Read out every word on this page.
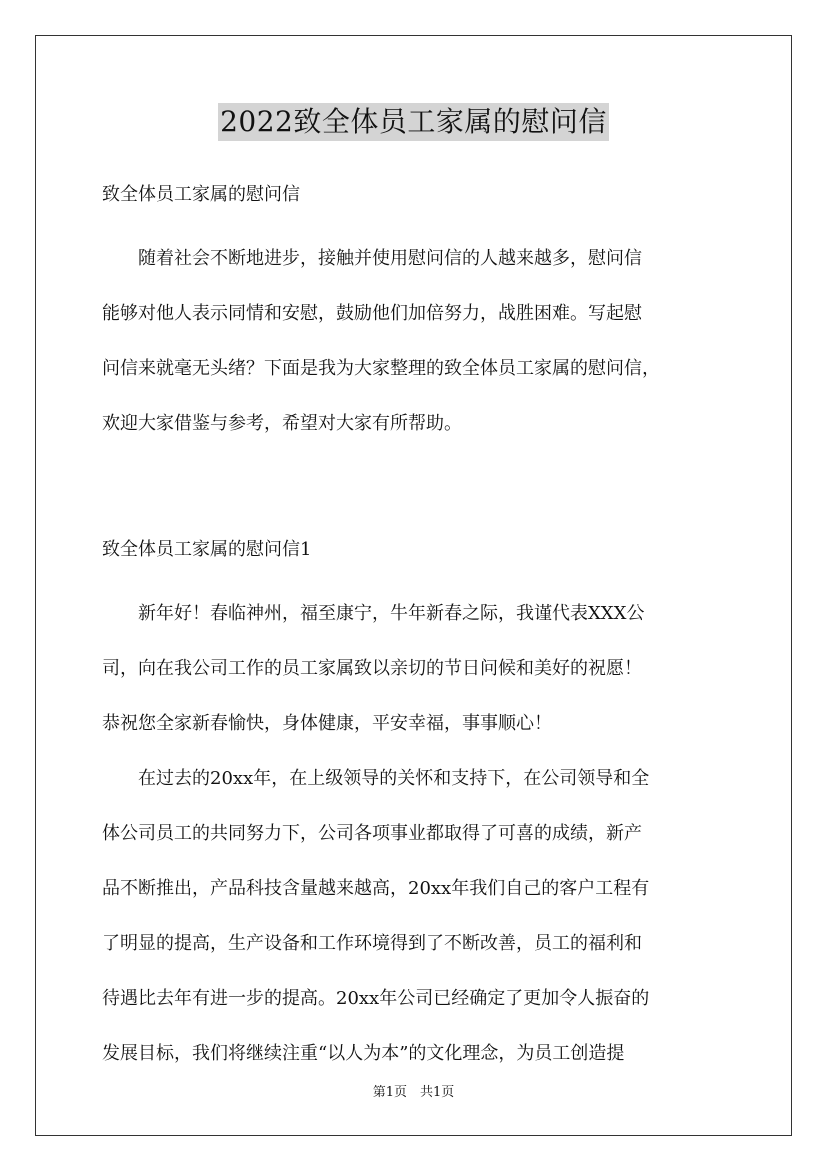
2022致全体员工家属的慰问信
致全体员工家属的慰问信
随着社会不断地进步，接触并使用慰问信的人越来越多，慰问信
能够对他人表示同情和安慰，鼓励他们加倍努力，战胜困难。写起慰
问信来就毫无头绪？下面是我为大家整理的致全体员工家属的慰问信，
欢迎大家借鉴与参考，希望对大家有所帮助。
致全体员工家属的慰问信1
新年好！春临神州，福至康宁，牛年新春之际，我谨代表XXX公
司，向在我公司工作的员工家属致以亲切的节日问候和美好的祝愿！
恭祝您全家新春愉快，身体健康，平安幸福，事事顺心！
在过去的20xx年，在上级领导的关怀和支持下，在公司领导和全
体公司员工的共同努力下，公司各项事业都取得了可喜的成绩，新产
品不断推出，产品科技含量越来越高，20xx年我们自己的客户工程有
了明显的提高，生产设备和工作环境得到了不断改善，员工的福利和
待遇比去年有进一步的提高。20xx年公司已经确定了更加令人振奋的
发展目标，我们将继续注重“以人为本”的文化理念，为员工创造提
第1页　共1页
